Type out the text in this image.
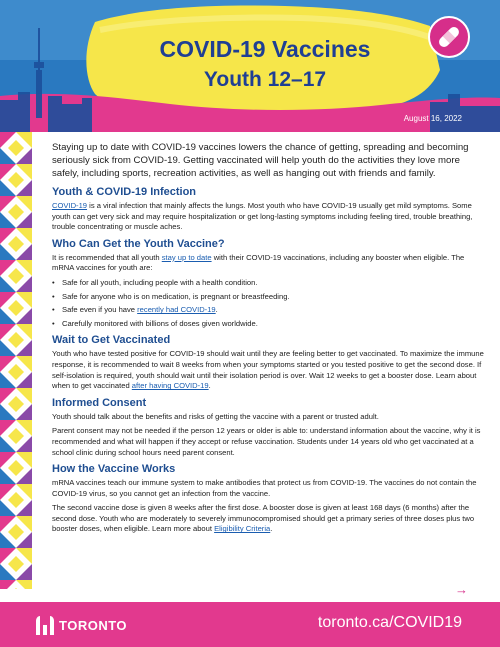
COVID-19 Vaccines
Youth 12–17
August 16, 2022

Staying up to date with COVID-19 vaccines lowers the chance of getting, spreading and becoming seriously sick from COVID-19. Getting vaccinated will help youth do the activities they love more safely, including sports, recreation activities, as well as hanging out with friends and family.

Youth & COVID-19 Infection

COVID-19 is a viral infection that mainly affects the lungs. Most youth who have COVID-19 usually get mild symptoms. Some youth can get very sick and may require hospitalization or get long-lasting symptoms including feeling tired, trouble breathing, trouble concentrating or muscle aches.

Who Can Get the Youth Vaccine?

It is recommended that all youth stay up to date with their COVID-19 vaccinations, including any booster when eligible. The mRNA vaccines for youth are:

• Safe for all youth, including people with a health condition.
• Safe for anyone who is on medication, is pregnant or breastfeeding.
• Safe even if you have recently had COVID-19.
• Carefully monitored with billions of doses given worldwide.
Wait to Get Vaccinated

Youth who have tested positive for COVID-19 should wait until they are feeling better to get vaccinated. To maximize the immune response, it is recommended to wait 8 weeks from when your symptoms started or you tested positive to get the second dose. If self-isolation is required, youth should wait until their isolation period is over. Wait 12 weeks to get a booster dose. Learn about when to get vaccinated after having COVID-19.

Informed Consent

Youth should talk about the benefits and risks of getting the vaccine with a parent or trusted adult.

Parent consent may not be needed if the person 12 years or older is able to: understand information about the vaccine, why it is recommended and what will happen if they accept or refuse vaccination. Students under 14 years old who get vaccinated at a school clinic during school hours need parent consent.

How the Vaccine Works

mRNA vaccines teach our immune system to make antibodies that protect us from COVID-19. The vaccines do not contain the COVID-19 virus, so you cannot get an infection from the vaccine.

The second vaccine dose is given 8 weeks after the first dose. A booster dose is given at least 168 days (6 months) after the second dose. Youth who are moderately to severely immunocompromised should get a primary series of three doses plus two booster doses, when eligible. Learn more about Eligibility Criteria.

→
TORONTO	toronto.ca/COVID19
